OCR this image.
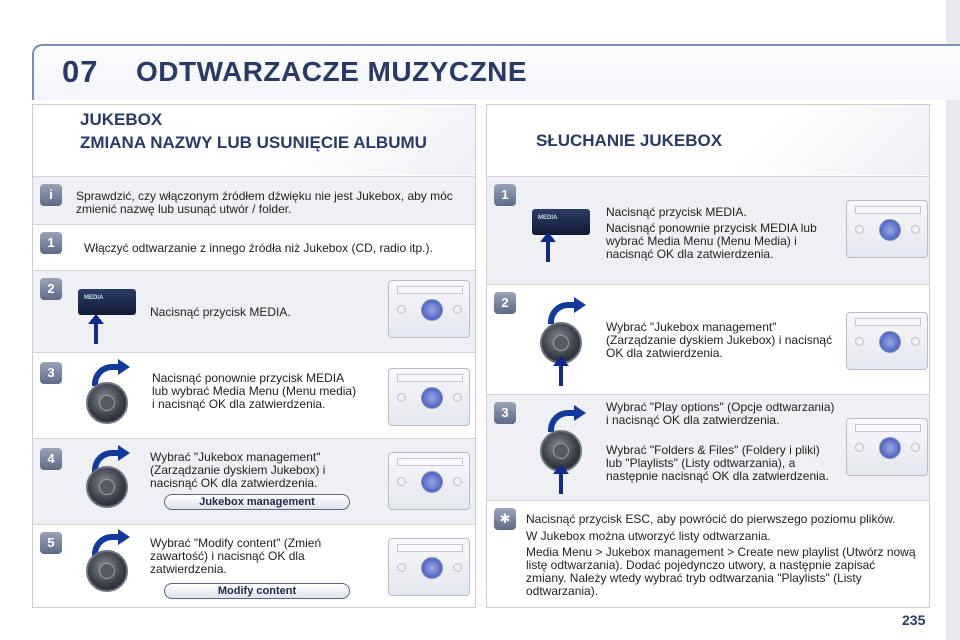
07 ODTWARZACZE MUZYCZNE
JUKEBOX
ZMIANA NAZWY LUB USUNIĘCIE ALBUMU
i	Sprawdzić, czy włączonym źródłem dźwięku nie jest Jukebox, aby móc zmienić nazwę lub usunąć utwór / folder.
1	Włączyć odtwarzanie z innego źródła niż Jukebox (CD, radio itp.).
2
MEDIA
Nacisnąć przycisk MEDIA.
3	Nacisnąć ponownie przycisk MEDIA lub wybrać Media Menu (Menu media) i nacisnąć OK dla zatwierdzenia.
4	Wybrać "Jukebox management" (Zarządzanie dyskiem Jukebox) i nacisnąć OK dla zatwierdzenia.
Jukebox management
5	Wybrać "Modify content" (Zmień zawartość) i nacisnąć OK dla zatwierdzenia.
Modify content
SŁUCHANIE JUKEBOX
1
MEDIA	Nacisnąć przycisk MEDIA.
Nacisnąć ponownie przycisk MEDIA lub wybrać Media Menu (Menu Media) i nacisnąć OK dla zatwierdzenia.
2
Wybrać "Jukebox management" (Zarządzanie dyskiem Jukebox) i nacisnąć OK dla zatwierdzenia.
3	Wybrać "Play options" (Opcje odtwarzania) i nacisnąć OK dla zatwierdzenia.
Wybrać "Folders & Files" (Foldery i pliki) lub "Playlists" (Listy odtwarzania), a następnie nacisnąć OK dla zatwierdzenia.
✱	Nacisnąć przycisk ESC, aby powrócić do pierwszego poziomu plików.
W Jukebox można utworzyć listy odtwarzania.
Media Menu > Jukebox management > Create new playlist (Utwórz nową listę odtwarzania). Dodać pojedynczo utwory, a następnie zapisać zmiany. Należy wtedy wybrać tryb odtwarzania "Playlists" (Listy odtwarzania).
235
